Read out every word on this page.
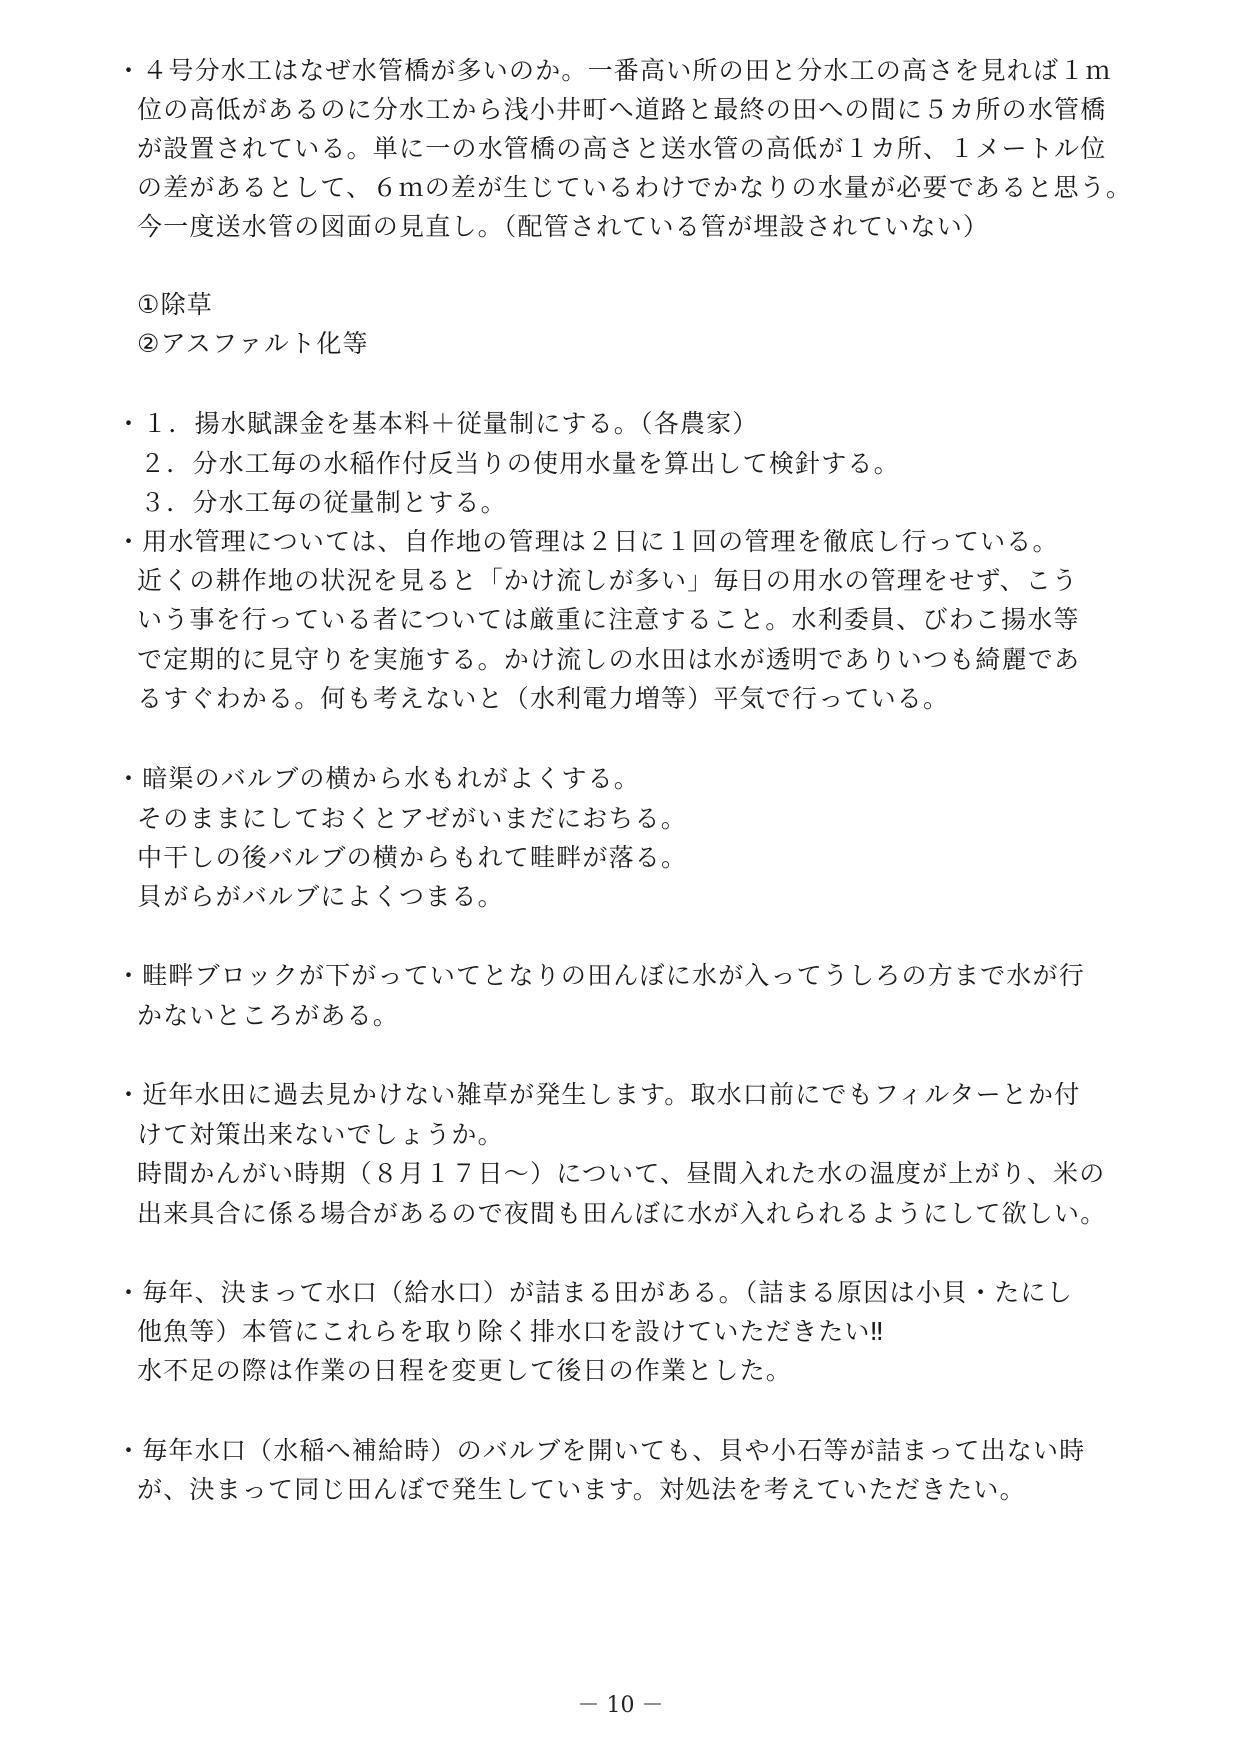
・４号分水工はなぜ水管橋が多いのか。一番高い所の田と分水工の高さを見れば１ｍ
位の高低があるのに分水工から浅小井町へ道路と最終の田への間に５カ所の水管橋
が設置されている。単に一の水管橋の高さと送水管の高低が１カ所、１メートル位
の差があるとして、６ｍの差が生じているわけでかなりの水量が必要であると思う。
今一度送水管の図面の見直し。（配管されている管が埋設されていない）
①除草
②アスファルト化等
・１．揚水賦課金を基本料＋従量制にする。（各農家）
２．分水工毎の水稲作付反当りの使用水量を算出して検針する。
３．分水工毎の従量制とする。
・用水管理については、自作地の管理は２日に１回の管理を徹底し行っている。
近くの耕作地の状況を見ると「かけ流しが多い」毎日の用水の管理をせず、こう
いう事を行っている者については厳重に注意すること。水利委員、びわこ揚水等
で定期的に見守りを実施する。かけ流しの水田は水が透明でありいつも綺麗であ
るすぐわかる。何も考えないと（水利電力増等）平気で行っている。
・暗渠のバルブの横から水もれがよくする。
そのままにしておくとアゼがいまだにおちる。
中干しの後バルブの横からもれて畦畔が落る。
貝がらがバルブによくつまる。
・畦畔ブロックが下がっていてとなりの田んぼに水が入ってうしろの方まで水が行
かないところがある。
・近年水田に過去見かけない雑草が発生します。取水口前にでもフィルターとか付
けて対策出来ないでしょうか。
時間かんがい時期（８月１７日～）について、昼間入れた水の温度が上がり、米の
出来具合に係る場合があるので夜間も田んぼに水が入れられるようにして欲しい。
・毎年、決まって水口（給水口）が詰まる田がある。（詰まる原因は小貝・たにし
他魚等）本管にこれらを取り除く排水口を設けていただきたい‼
水不足の際は作業の日程を変更して後日の作業とした。
・毎年水口（水稲へ補給時）のバルブを開いても、貝や小石等が詰まって出ない時
が、決まって同じ田んぼで発生しています。対処法を考えていただきたい。
－ 10 －
